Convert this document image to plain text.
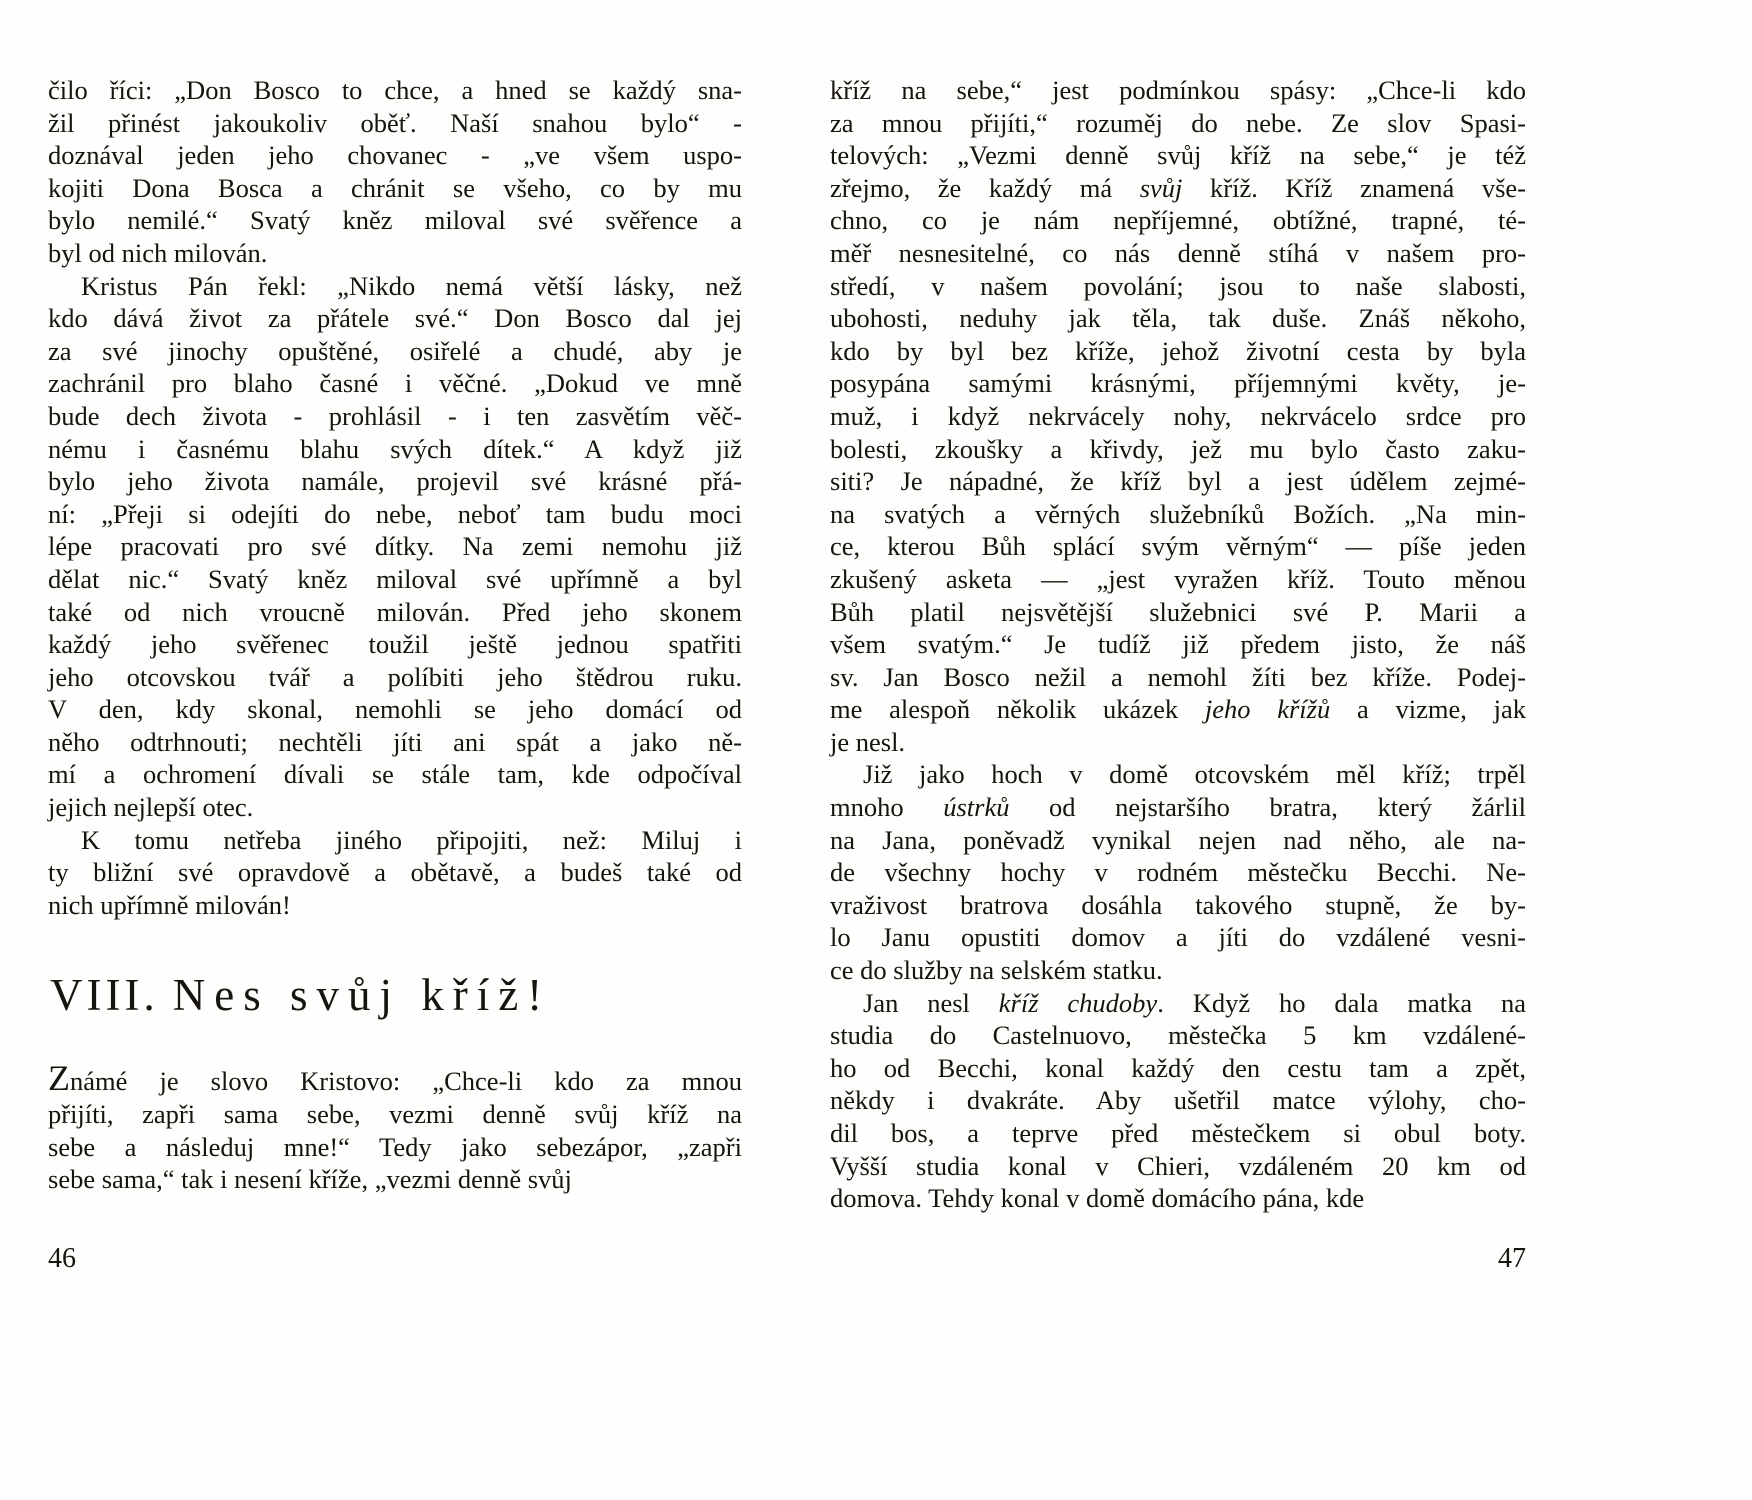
čilo říci: „Don Bosco to chce, a hned se každý sna-
žil přinést jakoukoliv oběť. Naší snahou bylo“ -
doznával jeden jeho chovanec - „ve všem uspo-
kojiti Dona Bosca a chránit se všeho, co by mu
bylo nemilé.“ Svatý kněz miloval své svěřence a
byl od nich milován.
Kristus Pán řekl: „Nikdo nemá větší lásky, než
kdo dává život za přátele své.“ Don Bosco dal jej
za své jinochy opuštěné, osiřelé a chudé, aby je
zachránil pro blaho časné i věčné. „Dokud ve mně
bude dech života - prohlásil - i ten zasvětím věč-
nému i časnému blahu svých dítek.“ A když již
bylo jeho života namále, projevil své krásné přá-
ní: „Přeji si odejíti do nebe, neboť tam budu moci
lépe pracovati pro své dítky. Na zemi nemohu již
dělat nic.“ Svatý kněz miloval své upřímně a byl
také od nich vroucně milován. Před jeho skonem
každý jeho svěřenec toužil ještě jednou spatřiti
jeho otcovskou tvář a políbiti jeho štědrou ruku.
V den, kdy skonal, nemohli se jeho domácí od
něho odtrhnouti; nechtěli jíti ani spát a jako ně-
mí a ochromení dívali se stále tam, kde odpočíval
jejich nejlepší otec.
K tomu netřeba jiného připojiti, než: Miluj i
ty bližní své opravdově a obětavě, a budeš také od
nich upřímně milován!
VIII. Nes svůj kříž!
Známé je slovo Kristovo: „Chce-li kdo za mnou
přijíti, zapři sama sebe, vezmi denně svůj kříž na
sebe a následuj mne!“ Tedy jako sebezápor, „zapři
sebe sama,“ tak i nesení kříže, „vezmi denně svůj
46
kříž na sebe,“ jest podmínkou spásy: „Chce-li kdo
za mnou přijíti,“ rozuměj do nebe. Ze slov Spasi-
telových: „Vezmi denně svůj kříž na sebe,“ je též
zřejmo, že každý má svůj kříž. Kříž znamená vše-
chno, co je nám nepříjemné, obtížné, trapné, té-
měř nesnesitelné, co nás denně stíhá v našem pro-
středí, v našem povolání; jsou to naše slabosti,
ubohosti, neduhy jak těla, tak duše. Znáš někoho,
kdo by byl bez kříže, jehož životní cesta by byla
posypána samými krásnými, příjemnými květy, je-
muž, i když nekrvácely nohy, nekrvácelo srdce pro
bolesti, zkoušky a křivdy, jež mu bylo často zaku-
siti? Je nápadné, že kříž byl a jest údělem zejmé-
na svatých a věrných služebníků Božích. „Na min-
ce, kterou Bůh splácí svým věrným“ — píše jeden
zkušený asketa — „jest vyražen kříž. Touto měnou
Bůh platil nejsvětější služebnici své P. Marii a
všem svatým.“ Je tudíž již předem jisto, že náš
sv. Jan Bosco nežil a nemohl žíti bez kříže. Podej-
me alespoň několik ukázek jeho křížů a vizme, jak
je nesl.
Již jako hoch v domě otcovském měl kříž; trpěl
mnoho ústrků od nejstaršího bratra, který žárlil
na Jana, poněvadž vynikal nejen nad něho, ale na-
de všechny hochy v rodném městečku Becchi. Ne-
vraživost bratrova dosáhla takového stupně, že by-
lo Janu opustiti domov a jíti do vzdálené vesni-
ce do služby na selském statku.
Jan nesl kříž chudoby. Když ho dala matka na
studia do Castelnuovo, městečka 5 km vzdálené-
ho od Becchi, konal každý den cestu tam a zpět,
někdy i dvakráte. Aby ušetřil matce výlohy, cho-
dil bos, a teprve před městečkem si obul boty.
Vyšší studia konal v Chieri, vzdáleném 20 km od
domova. Tehdy konal v domě domácího pána, kde
47
